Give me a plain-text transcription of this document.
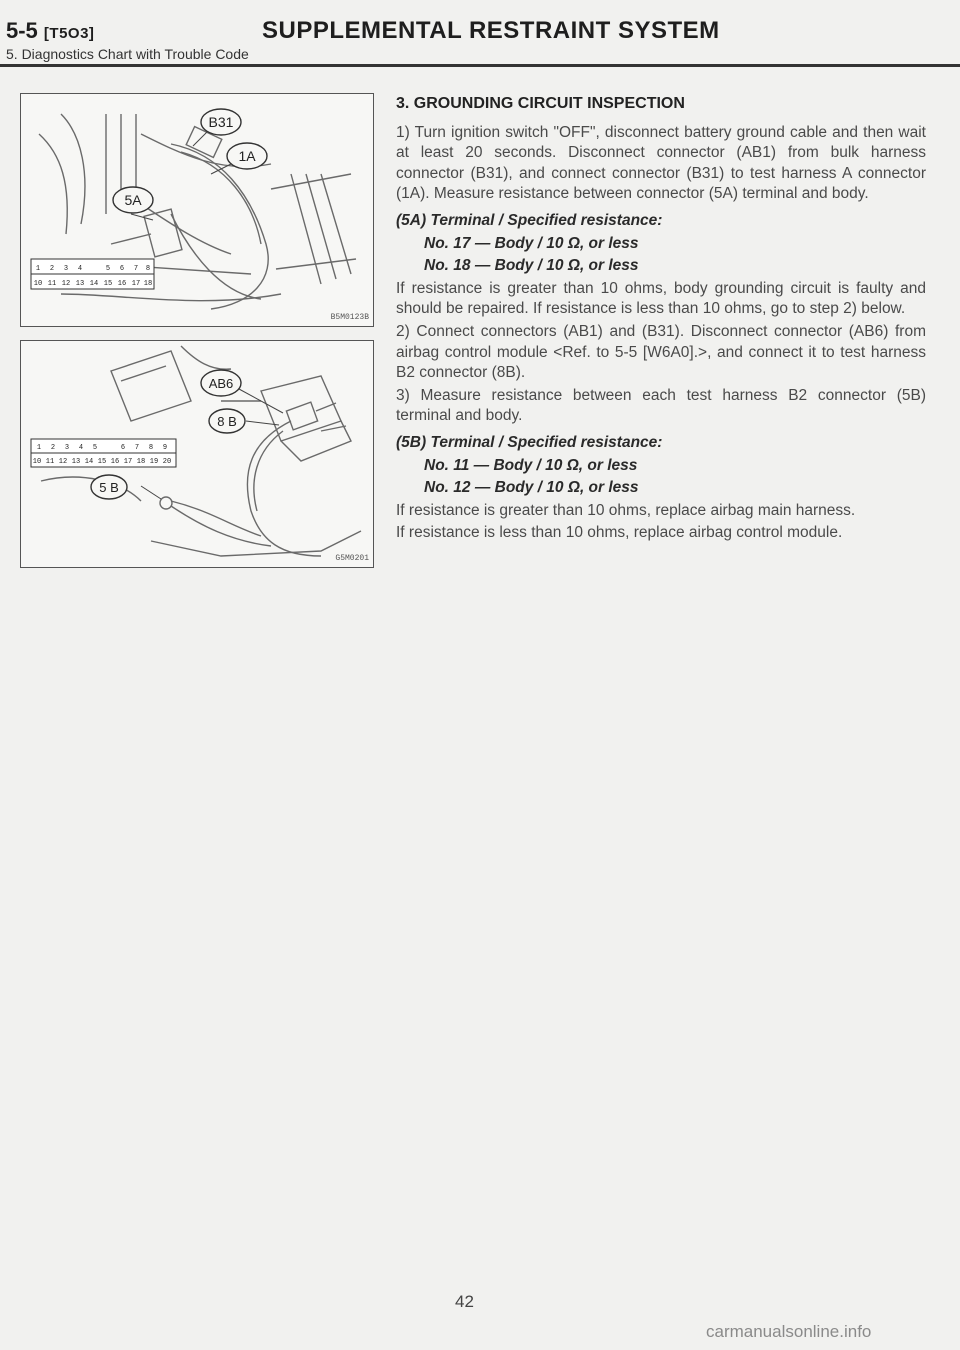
5-5 [T5O3]	SUPPLEMENTAL RESTRAINT SYSTEM
5. Diagnostics Chart with Trouble Code
B31
1A
5A
1 2 3 4	5 6 7 8
10 11 12 13 14 15 16 17 18
B5M0123B
AB6
8 B
5 B
1 2 3 4 5	6 7 8 9
10 11 12 13 14 15 16 17 18 19 20
G5M0201

3. GROUNDING CIRCUIT INSPECTION

1) Turn ignition switch "OFF", disconnect battery ground cable and then wait at least 20 seconds. Disconnect connector (AB1) from bulk harness connector (B31), and connect connector (B31) to test harness A connector (1A). Measure resistance between connector (5A) terminal and body.

(5A) Terminal / Specified resistance:

No. 17 — Body / 10 Ω, or less

No. 18 — Body / 10 Ω, or less

If resistance is greater than 10 ohms, body grounding circuit is faulty and should be repaired. If resistance is less than 10 ohms, go to step 2) below.

2) Connect connectors (AB1) and (B31). Disconnect connector (AB6) from airbag control module <Ref. to 5-5 [W6A0].>, and connect it to test harness B2 connector (8B).

3) Measure resistance between each test harness B2 connector (5B) terminal and body.

(5B) Terminal / Specified resistance:

No. 11 — Body / 10 Ω, or less

No. 12 — Body / 10 Ω, or less

If resistance is greater than 10 ohms, replace airbag main harness.

If resistance is less than 10 ohms, replace airbag control module.

42
carmanualsonline.info
